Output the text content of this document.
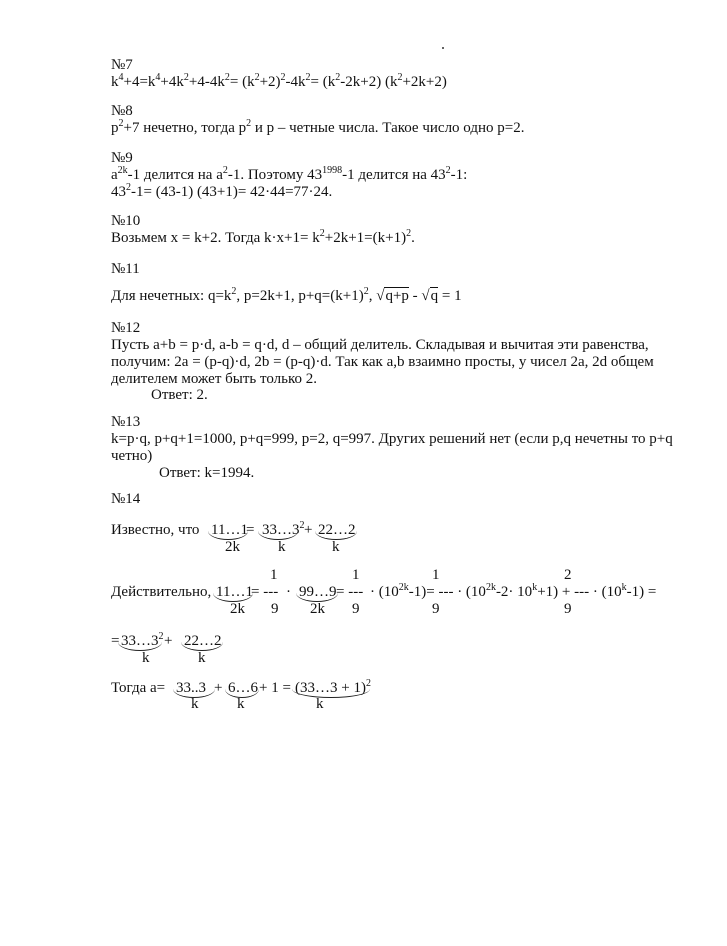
№7
$k^4+4=k^4+4k^2+4-4k^2= (k^2+2)^2-4k^2= (k^2-2k+2)$ $(k^2+2k+2)$
№8
$p^2+7$ нечетно, тогда $p^2$ и p – четные числа. Такое число одно p=2.
№9
$a^{2k}-1$ делится на $a^2-1$. Поэтому $43^{1998}-1$ делится на $43^2-1$:
$43^2-1= (43-1)$ (43+1)= 42·44=77·24.
№10
Возьмем x = k+2. Тогда $k\cdot x+1= k^2+2k+1=(k+1)^2$.
№11
Для нечетных: $q=k^2$, p=2k+1, $p+q=(k+1)^2$, √q+p - √q = 1
№12
Пусть a+b = p·d, a-b = q·d, d – общий делитель. Складывая и вычитая эти равенства,
получим: 2a = (p-q)·d, 2b = (p-q)·d. Так как a,b взаимно просты, у чисел 2a, 2d общем
делителем может быть только 2.
Ответ: 2.
№13
k=p·q, p+q+1=1000, p+q=999, p=2, q=997. Других решений нет (если p,q нечетны то p+q
четно)
Ответ: k=1994.
№14
Известно, что 11…1
= $33\dots 3^2$ + 22…2
2k	k	k
1	1	1	2
Действительно, 11…1
= --- · 99…9 = --- · $(10^{2k}-1)=$ --- · $(10^{2k}-2\cdot 10^k+1)$ + --- · $(10^k-1)$ =
2k 9 2k 9	9	9
= $33\dots 3^2$ + 22…2
k	k
Тогда a= 33..3 + 6…6 + 1 = (33…3 + 1)$^2$
k	k	k
